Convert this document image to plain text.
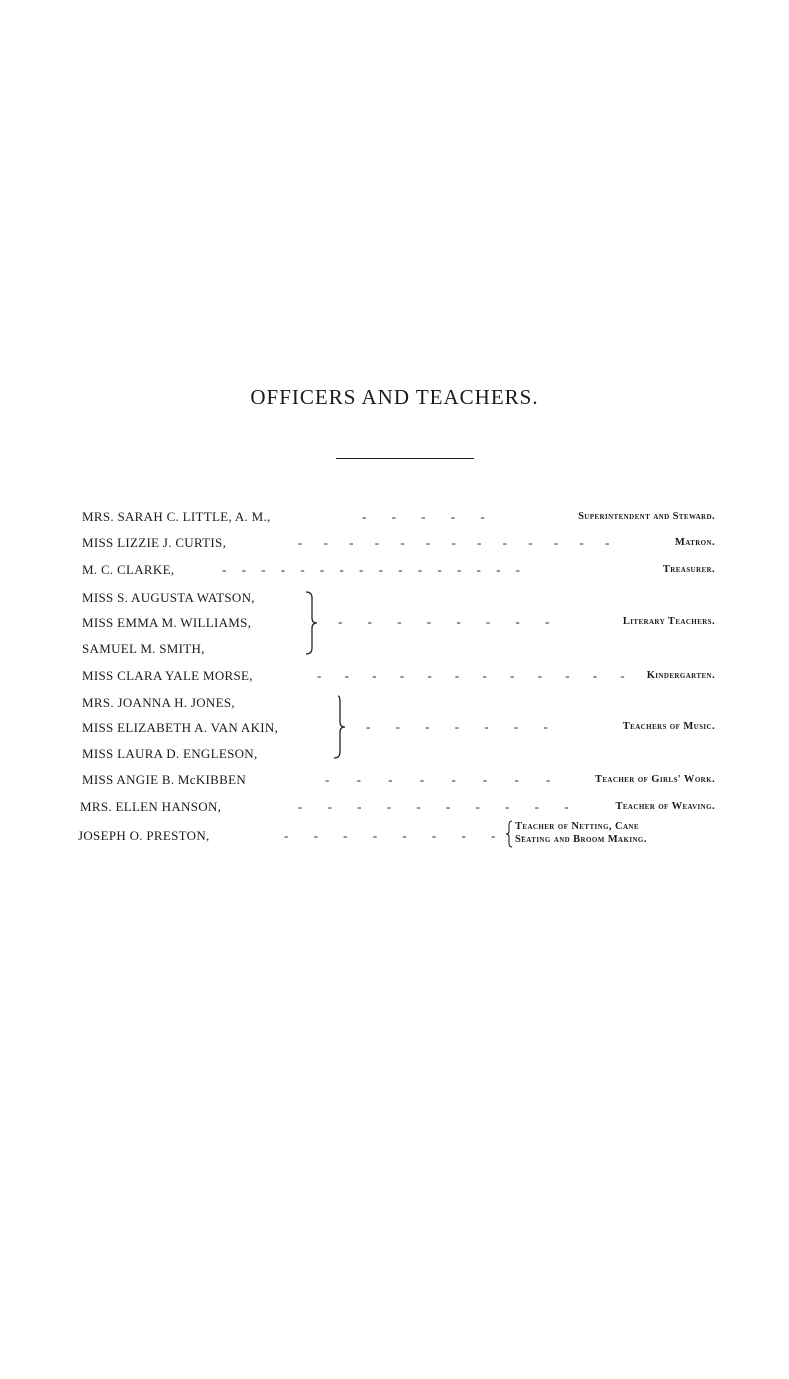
OFFICERS AND TEACHERS.
MRS. SARAH C. LITTLE, A. M.,	- - - - -	Superintendent and Steward.
MISS LIZZIE J. CURTIS,	- - - - - - - - - - - - -	Matron.
M. C. CLARKE,	- - - - - - - - - - - - - - - -	Treasurer.
MISS S. AUGUSTA WATSON,
MISS EMMA M. WILLIAMS,
SAMUEL M. SMITH,
- - - - - - - -	Literary Teachers.
MISS CLARA YALE MORSE,	- - - - - - - - - - - - Kindergarten.
MRS. JOANNA H. JONES,
MISS ELIZABETH A. VAN AKIN,
MISS LAURA D. ENGLESON,
- - - - - - -	Teachers of Music.
MISS ANGIE B. McKIBBEN	- - - - - - - -	Teacher of Girls' Work.
MRS. ELLEN HANSON,	- - - - - - - - - -	Teacher of Weaving.
JOSEPH O. PRESTON,	- - - - - - - - -
Teacher of Netting, Cane
Seating and Broom Making.
